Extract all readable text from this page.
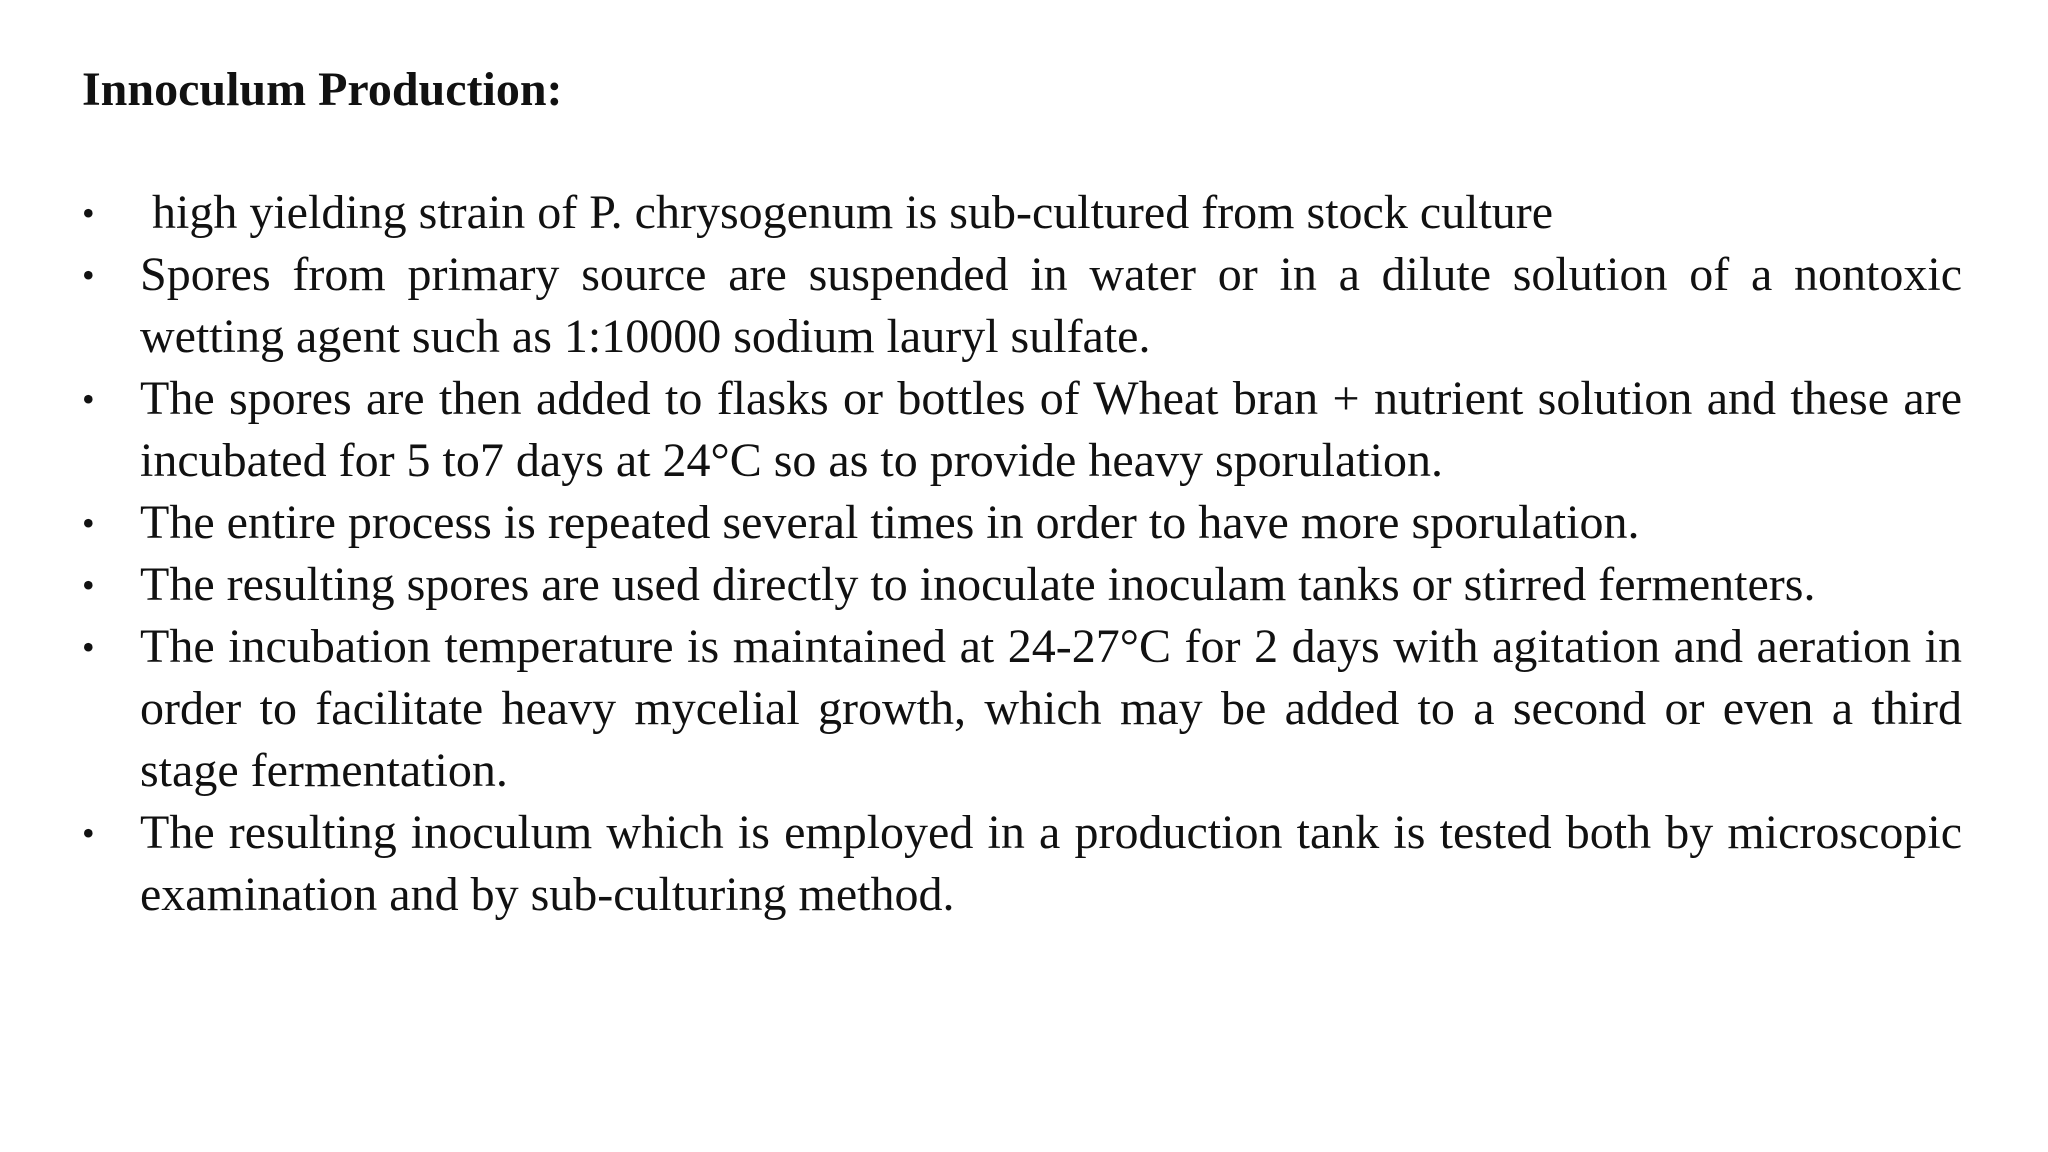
Innoculum Production:
• high yielding strain of P. chrysogenum is sub-cultured from stock culture
• Spores from primary source are suspended in water or in a dilute solution of a nontoxic wetting agent such as 1:10000 sodium lauryl sulfate.
• The spores are then added to flasks or bottles of Wheat bran + nutrient solution and these are incubated for 5 to7 days at 24°C so as to provide heavy sporulation.
• The entire process is repeated several times in order to have more sporulation.
• The resulting spores are used directly to inoculate inoculam tanks or stirred fermenters.
• The incubation temperature is maintained at 24-27°C for 2 days with agitation and aeration in order to facilitate heavy mycelial growth, which may be added to a second or even a third stage fermentation.
• The resulting inoculum which is employed in a production tank is tested both by microscopic examination and by sub-culturing method.
